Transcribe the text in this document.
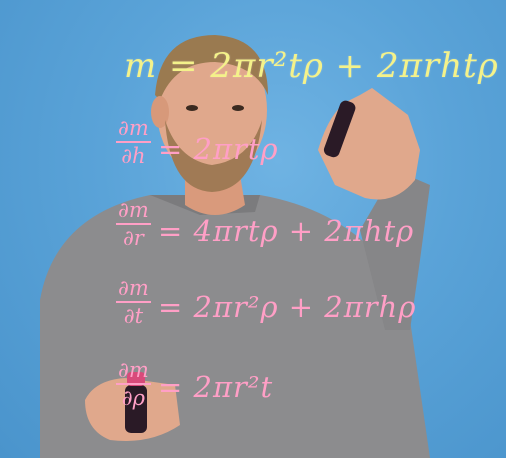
m = 2πr²tρ + 2πrhtρ
$\frac{\partial m}{\partial h} = 2\pi rt\rho$
$\frac{\partial m}{\partial r} = 4\pi rt\rho + 2\pi ht\rho$
$\frac{\partial m}{\partial t} = 2\pi r^2\rho + 2\pi rh\rho$
$\frac{\partial m}{\partial\rho} = 2\pi r^2t$
